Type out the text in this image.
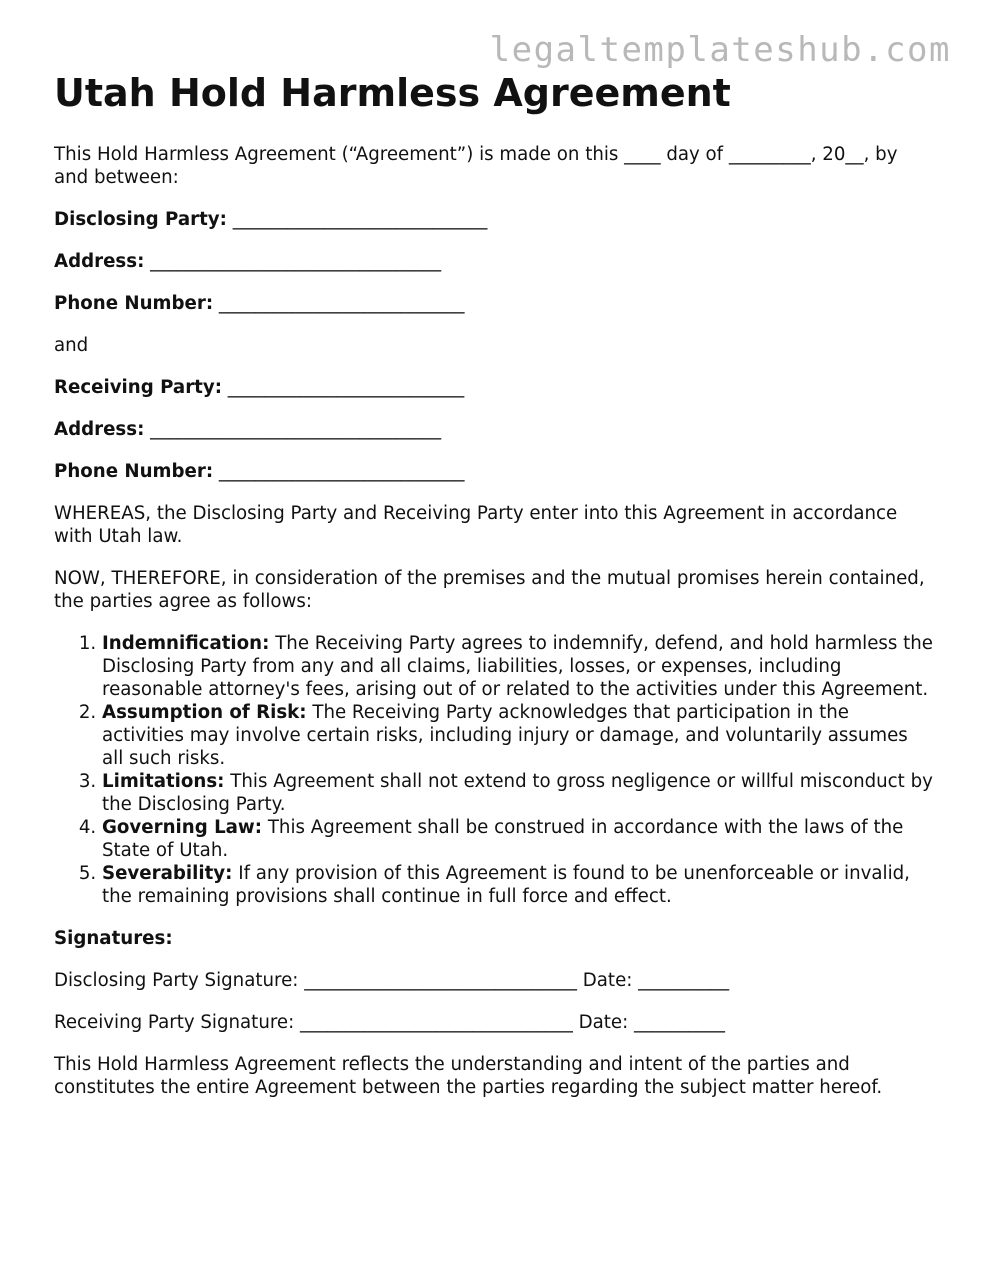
legaltemplateshub.com
Utah Hold Harmless Agreement

This Hold Harmless Agreement (“Agreement”) is made on this ____ day of _________, 20__, by and between:

Disclosing Party: ____________________________

Address: ________________________________

Phone Number: ___________________________

and

Receiving Party: __________________________

Address: ________________________________

Phone Number: ___________________________

WHEREAS, the Disclosing Party and Receiving Party enter into this Agreement in accordance with Utah law.

NOW, THEREFORE, in consideration of the premises and the mutual promises herein contained, the parties agree as follows:

1. Indemnification: The Receiving Party agrees to indemnify, defend, and hold harmless the Disclosing Party from any and all claims, liabilities, losses, or expenses, including reasonable attorney's fees, arising out of or related to the activities under this Agreement.
2. Assumption of Risk: The Receiving Party acknowledges that participation in the activities may involve certain risks, including injury or damage, and voluntarily assumes all such risks.
3. Limitations: This Agreement shall not extend to gross negligence or willful misconduct by the Disclosing Party.
4. Governing Law: This Agreement shall be construed in accordance with the laws of the State of Utah.
5. Severability: If any provision of this Agreement is found to be unenforceable or invalid, the remaining provisions shall continue in full force and effect.

Signatures:

Disclosing Party Signature: ______________________________ Date: __________

Receiving Party Signature: ______________________________ Date: __________

This Hold Harmless Agreement reflects the understanding and intent of the parties and constitutes the entire Agreement between the parties regarding the subject matter hereof.
